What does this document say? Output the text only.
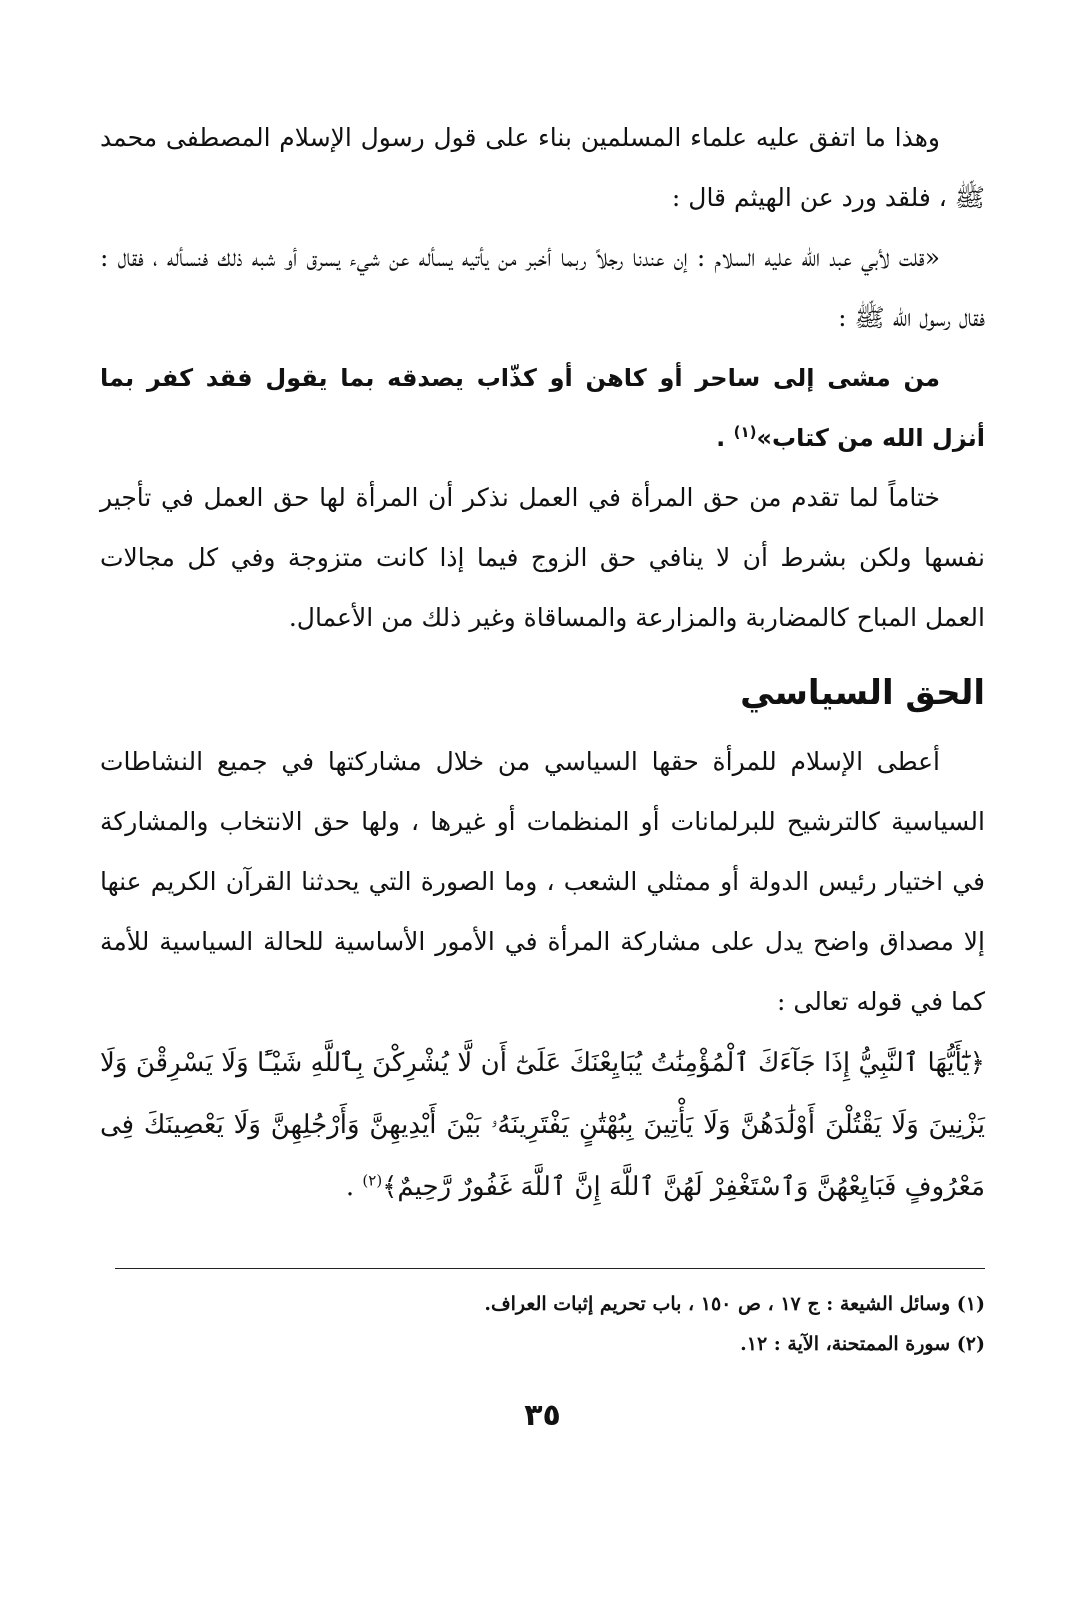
وهذا ما اتفق عليه علماء المسلمين بناء على قول رسول الإسلام المصطفى محمد ﷺ ، فلقد ورد عن الهيثم قال :

«قلت لأبي عبد الله عليه السلام : إن عندنا رجلاً ربما أخبر من يأتيه يسأله عن شيء يسرق أو شبه ذلك فنسأله ، فقال : فقال رسول الله ﷺ :

من مشى إلى ساحر أو كاهن أو كذّاب يصدقه بما يقول فقد كفر بما أنزل الله من كتاب»$^{(١)}$ .

ختاماً لما تقدم من حق المرأة في العمل نذكر أن المرأة لها حق العمل في تأجير نفسها ولكن بشرط أن لا ينافي حق الزوج فيما إذا كانت متزوجة وفي كل مجالات العمل المباح كالمضاربة والمزارعة والمساقاة وغير ذلك من الأعمال.

الحق السياسي

أعطى الإسلام للمرأة حقها السياسي من خلال مشاركتها في جميع النشاطات السياسية كالترشيح للبرلمانات أو المنظمات أو غيرها ، ولها حق الانتخاب والمشاركة في اختيار رئيس الدولة أو ممثلي الشعب ، وما الصورة التي يحدثنا القرآن الكريم عنها إلا مصداق واضح يدل على مشاركة المرأة في الأمور الأساسية للحالة السياسية للأمة كما في قوله تعالى :

﴿يَٰٓأَيُّهَا ٱلنَّبِيُّ إِذَا جَآءَكَ ٱلْمُؤْمِنَٰتُ يُبَايِعْنَكَ عَلَىٰٓ أَن لَّا يُشْرِكْنَ بِٱللَّهِ شَيْـًٔا وَلَا يَسْرِقْنَ وَلَا يَزْنِينَ وَلَا يَقْتُلْنَ أَوْلَٰدَهُنَّ وَلَا يَأْتِينَ بِبُهْتَٰنٍ يَفْتَرِينَهُۥ بَيْنَ أَيْدِيهِنَّ وَأَرْجُلِهِنَّ وَلَا يَعْصِينَكَ فِى مَعْرُوفٍ فَبَايِعْهُنَّ وَٱسْتَغْفِرْ لَهُنَّ ٱللَّهَ إِنَّ ٱللَّهَ غَفُورٌ رَّحِيمٌ﴾$^{(٢)}$ .

(١) وسائل الشيعة : ج ١٧ ، ص ١٥٠ ، باب تحريم إثبات العراف.
(٢) سورة الممتحنة، الآية : ١٢.
٣٥
